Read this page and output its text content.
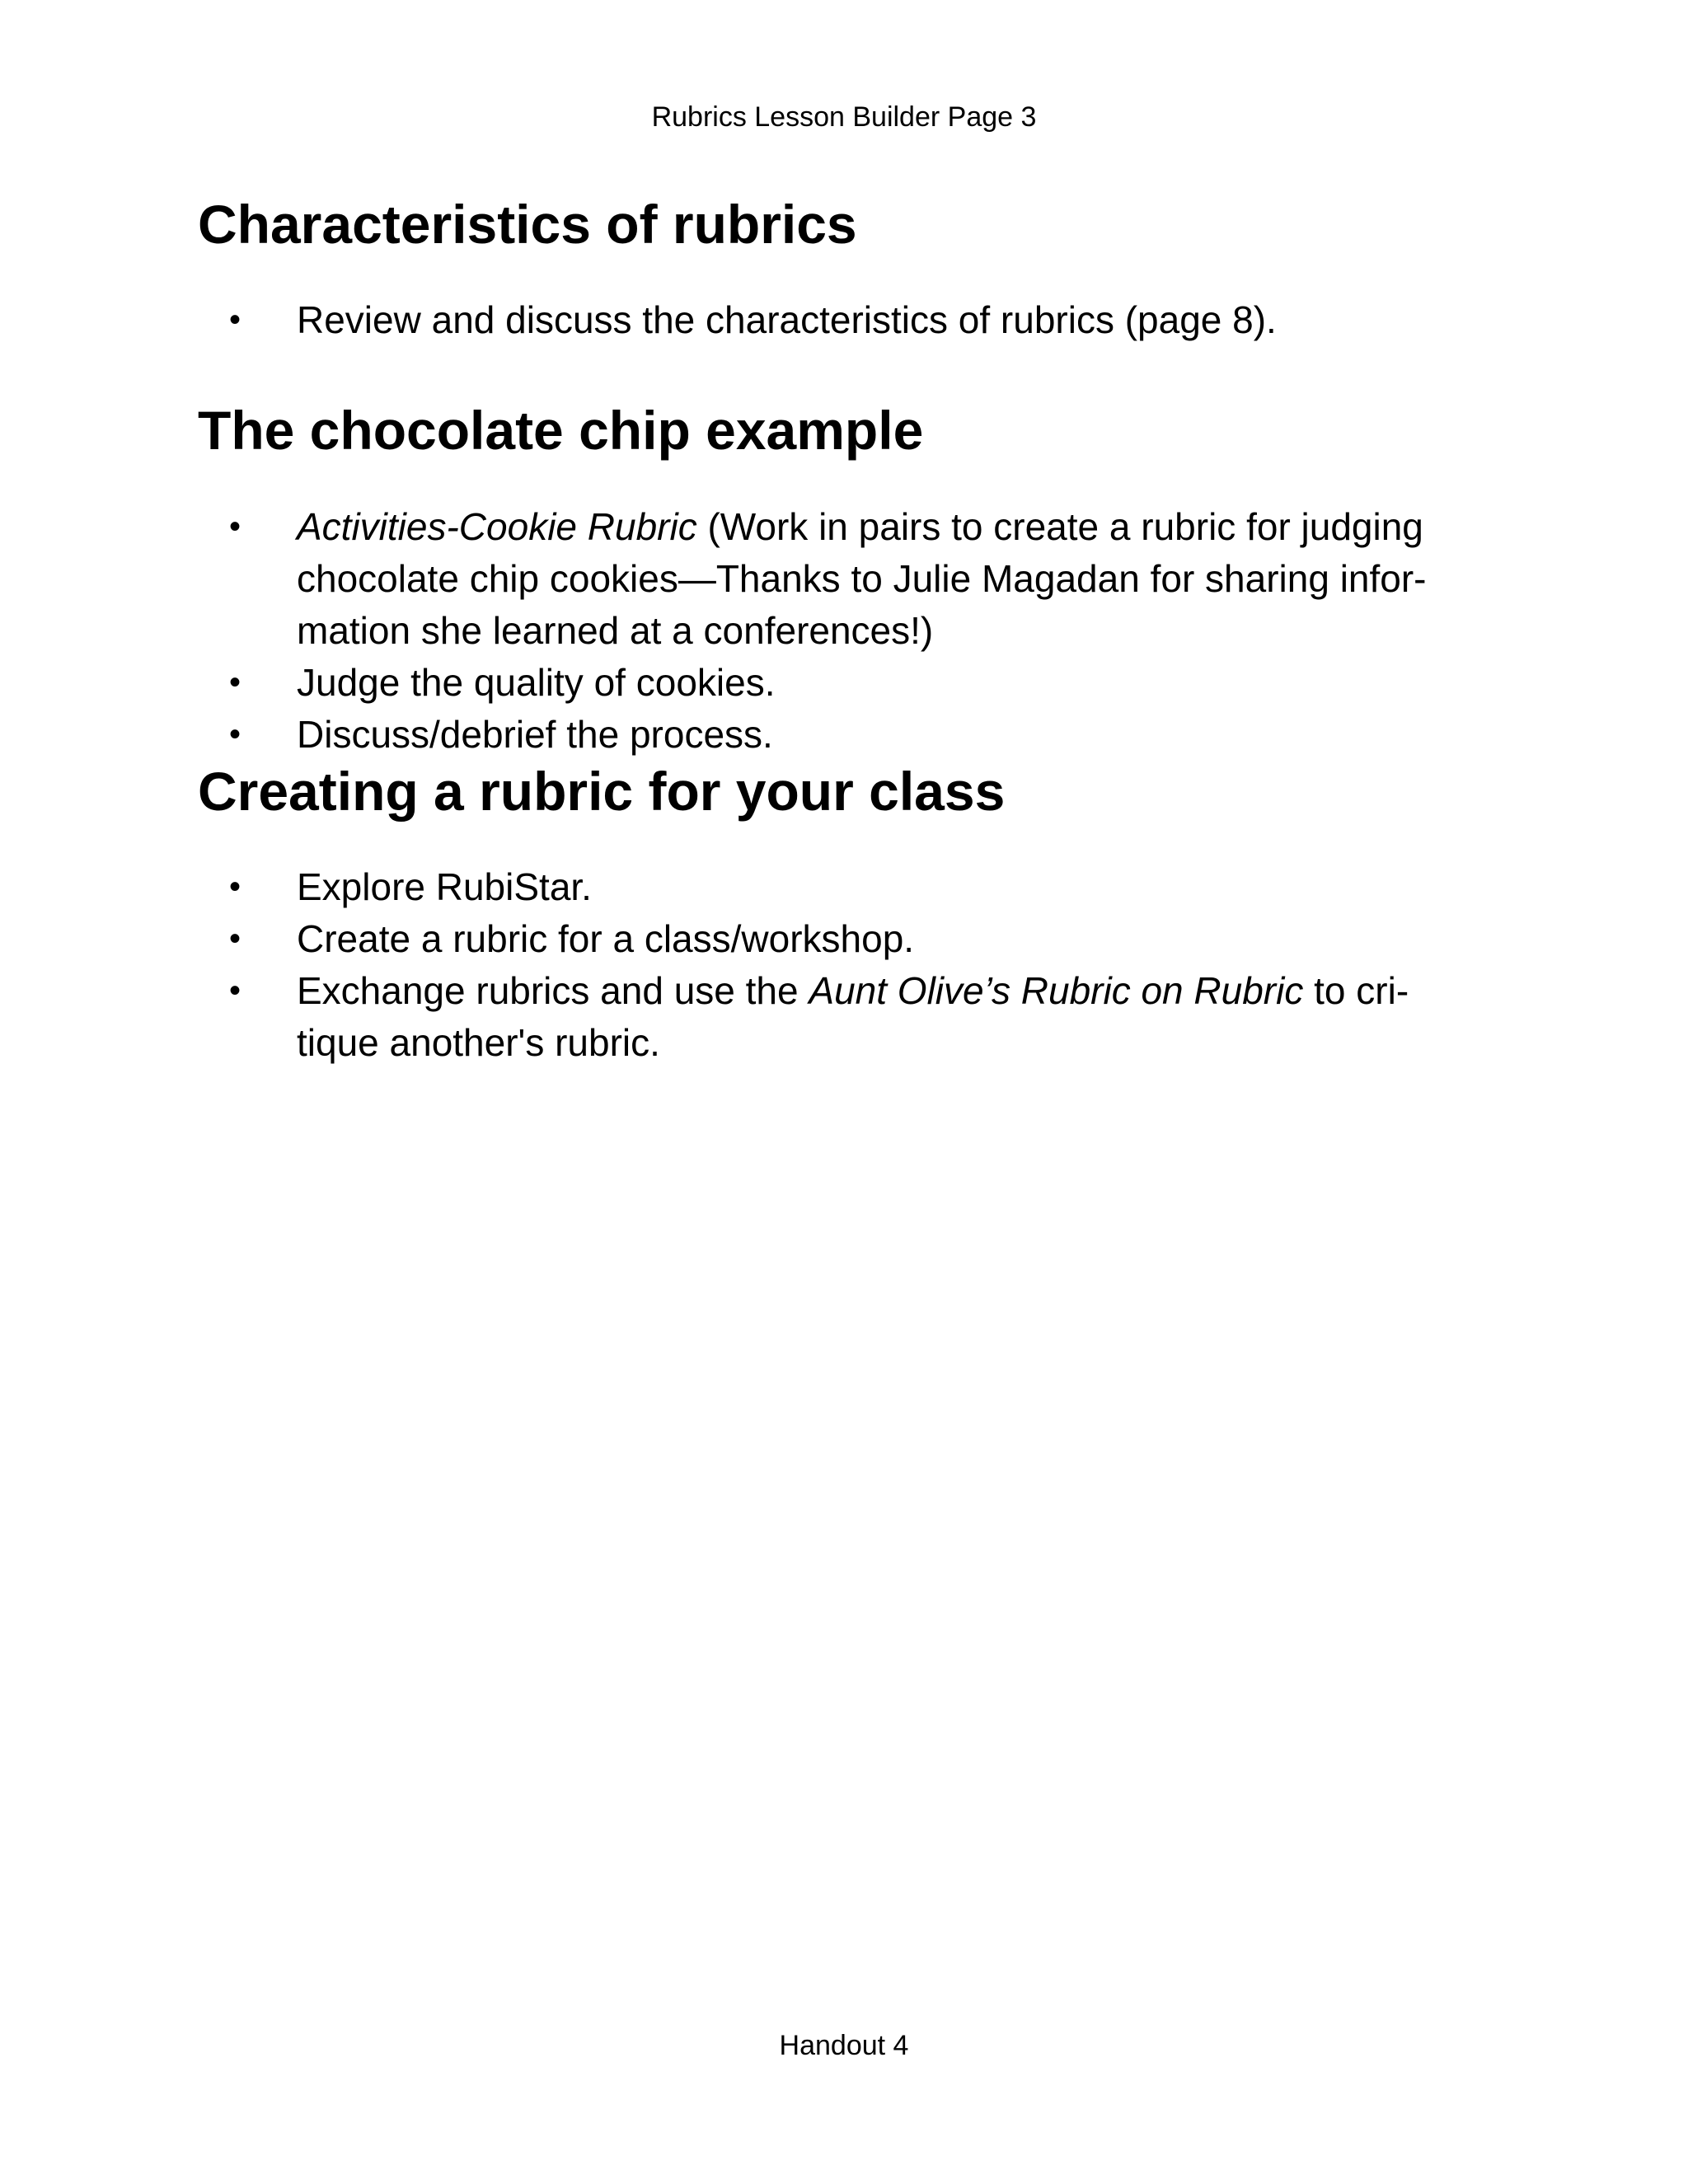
Rubrics Lesson Builder Page 3
Characteristics of rubrics
• Review and discuss the characteristics of rubrics (page 8).
The chocolate chip example
• Activities-Cookie Rubric (Work in pairs to create a rubric for judging chocolate chip cookies—Thanks to Julie Magadan for sharing infor-mation she learned at a conferences!)
• Judge the quality of cookies.
• Discuss/debrief the process.
Creating a rubric for your class
• Explore RubiStar.
• Create a rubric for a class/workshop.
• Exchange rubrics and use the Aunt Olive’s Rubric on Rubric to cri-tique another's rubric.
Handout 4
